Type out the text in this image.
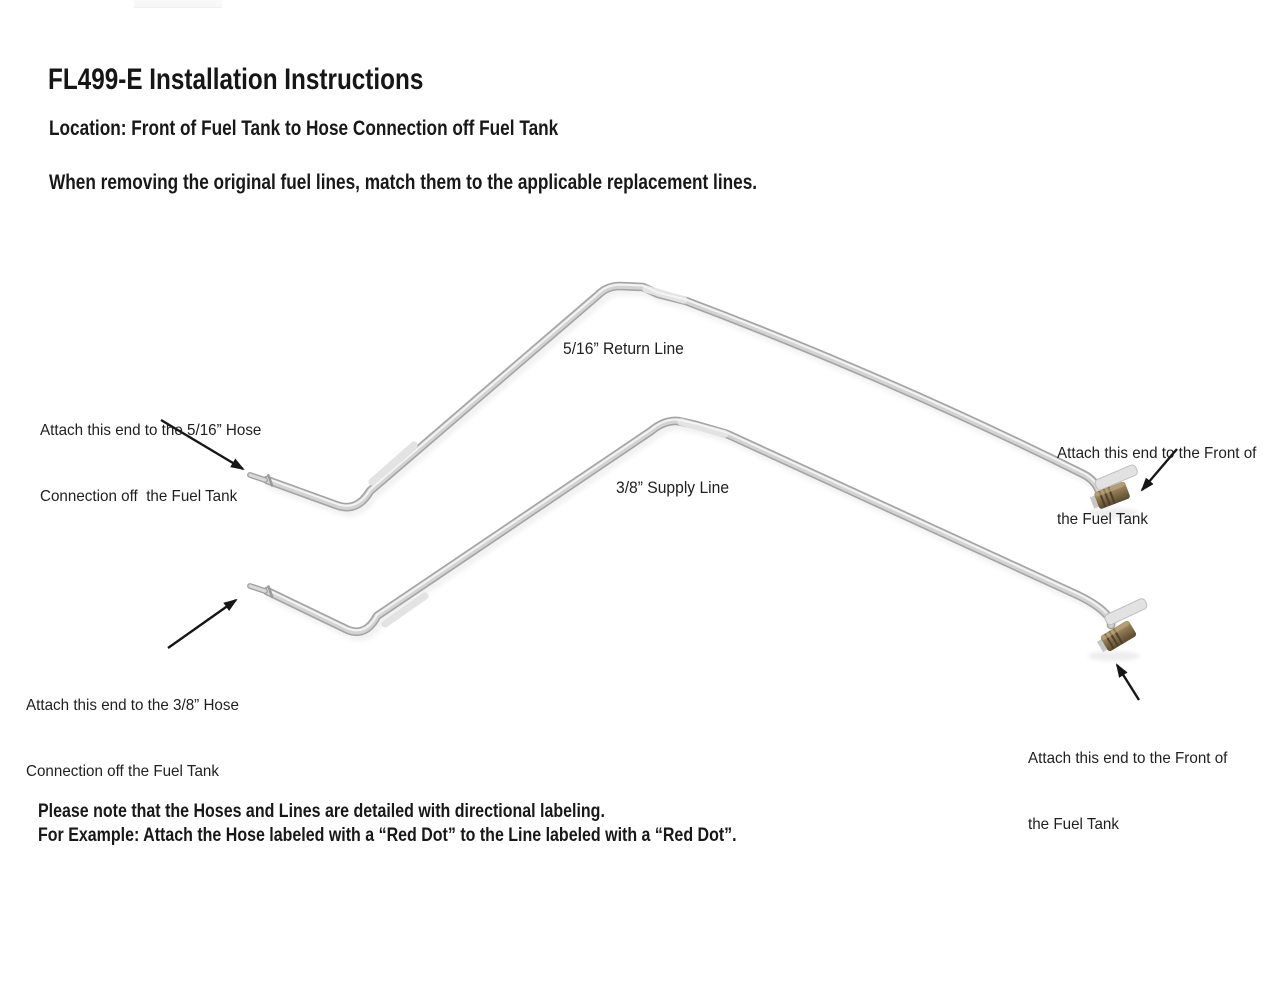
FL499-E Installation Instructions
Location: Front of Fuel Tank to Hose Connection off Fuel Tank
When removing the original fuel lines, match them to the applicable replacement lines.
5/16” Return Line
3/8” Supply Line

Attach this end to the 5/16” Hose

Connection off  the Fuel Tank

Attach this end to the Front of

the Fuel Tank

Attach this end to the 3/8” Hose

Connection off the Fuel Tank

Attach this end to the Front of

the Fuel Tank

Please note that the Hoses and Lines are detailed with directional labeling.
For Example: Attach the Hose labeled with a “Red Dot” to the Line labeled with a “Red Dot”.
